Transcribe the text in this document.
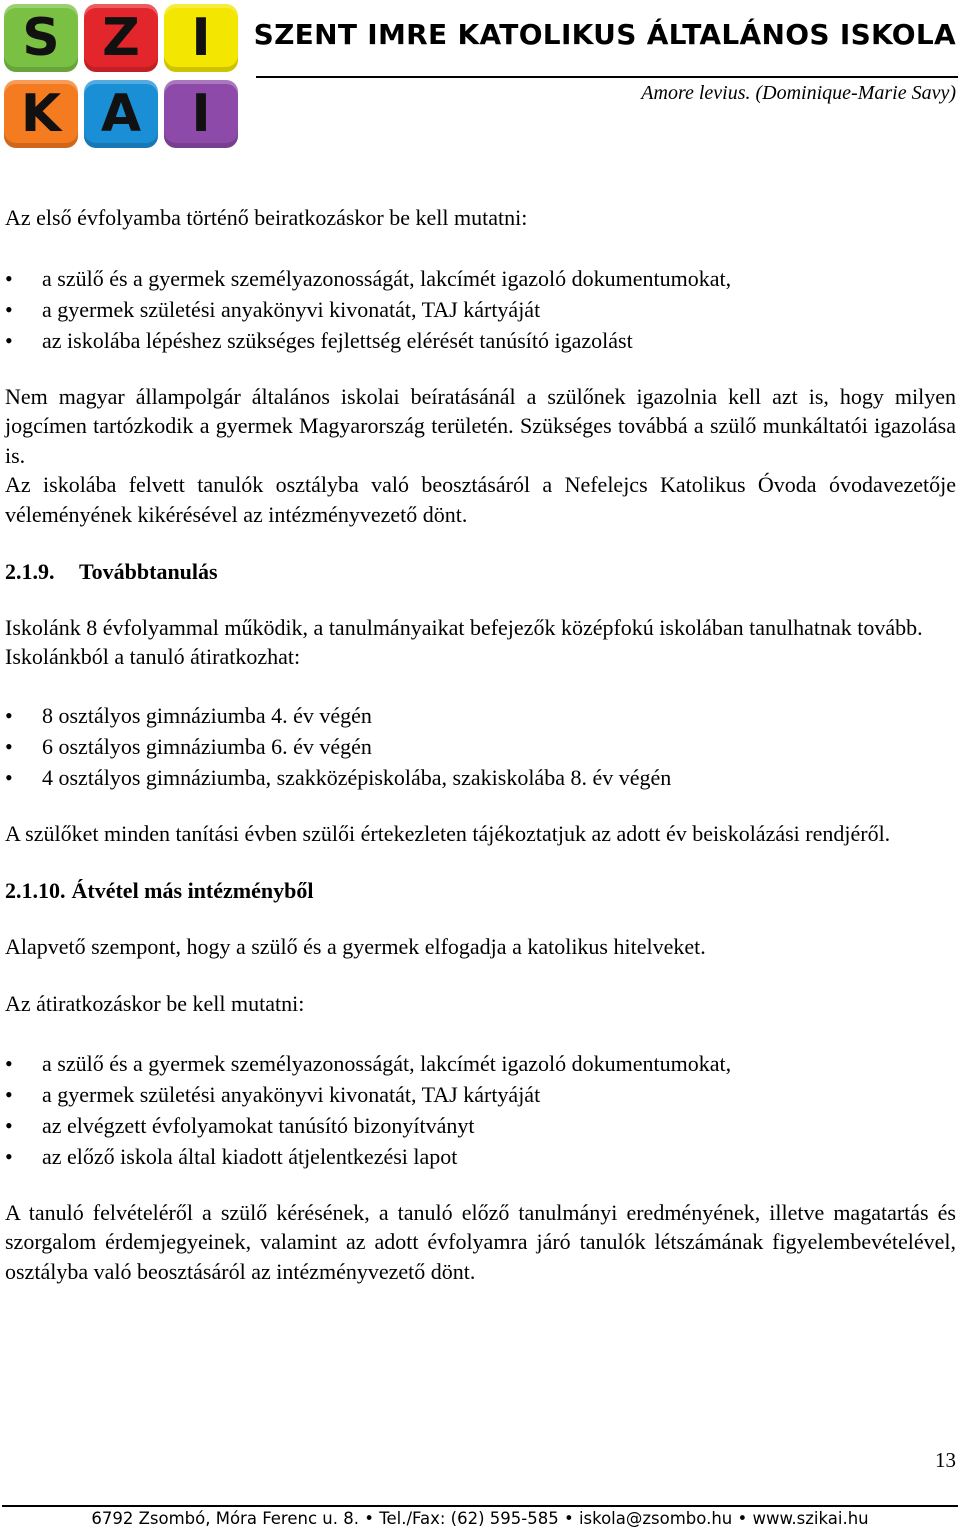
S Z I
K A I
SZENT IMRE KATOLIKUS ÁLTALÁNOS ISKOLA
Amore levius. (Dominique-Marie Savy)

Az első évfolyamba történő beiratkozáskor be kell mutatni:

• a szülő és a gyermek személyazonosságát, lakcímét igazoló dokumentumokat,
• a gyermek születési anyakönyvi kivonatát, TAJ kártyáját
• az iskolába lépéshez szükséges fejlettség elérését tanúsító igazolást

Nem magyar állampolgár általános iskolai beíratásánál a szülőnek igazolnia kell azt is, hogy milyen jogcímen tartózkodik a gyermek Magyarország területén. Szükséges továbbá a szülő munkáltatói igazolása is.

Az iskolába felvett tanulók osztályba való beosztásáról a Nefelejcs Katolikus Óvoda óvodavezetője véleményének kikérésével az intézményvezető dönt.

2.1.9. Továbbtanulás

Iskolánk 8 évfolyammal működik, a tanulmányaikat befejezők középfokú iskolában tanulhatnak tovább.

Iskolánkból a tanuló átiratkozhat:

• 8 osztályos gimnáziumba 4. év végén
• 6 osztályos gimnáziumba 6. év végén
• 4 osztályos gimnáziumba, szakközépiskolába, szakiskolába 8. év végén

A szülőket minden tanítási évben szülői értekezleten tájékoztatjuk az adott év beiskolázási rendjéről.

2.1.10. Átvétel más intézményből

Alapvető szempont, hogy a szülő és a gyermek elfogadja a katolikus hitelveket.

Az átiratkozáskor be kell mutatni:

• a szülő és a gyermek személyazonosságát, lakcímét igazoló dokumentumokat,
• a gyermek születési anyakönyvi kivonatát, TAJ kártyáját
• az elvégzett évfolyamokat tanúsító bizonyítványt
• az előző iskola által kiadott átjelentkezési lapot

A tanuló felvételéről a szülő kérésének, a tanuló előző tanulmányi eredményének, illetve magatartás és szorgalom érdemjegyeinek, valamint az adott évfolyamra járó tanulók létszámának figyelembevételével, osztályba való beosztásáról az intézményvezető dönt.

13
6792 Zsombó, Móra Ferenc u. 8. • Tel./Fax: (62) 595-585 • iskola@zsombo.hu • www.szikai.hu
